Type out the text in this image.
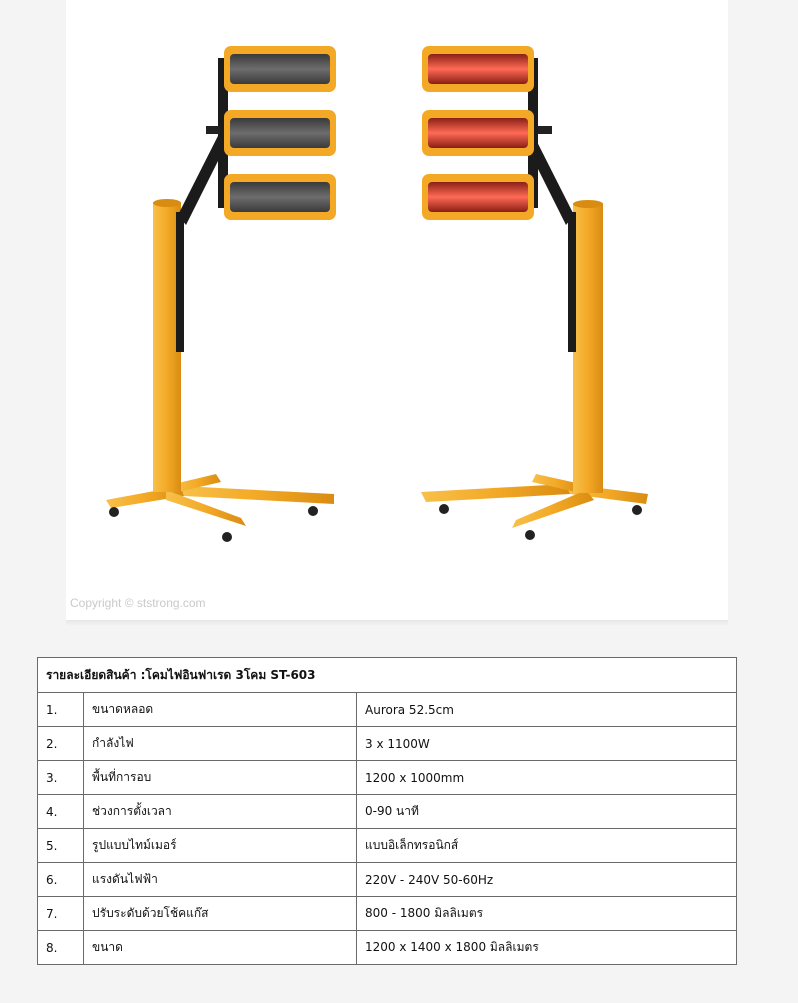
Copyright © ststrong.com
รายละเอียดสินค้า :โคมไฟอินฟาเรด 3โคม ST-603		
1.	ขนาดหลอด	Aurora 52.5cm
2.	กำลังไฟ	3 x 1100W
3.	พื้นที่การอบ	1200 x 1000mm
4.	ช่วงการตั้งเวลา	0-90 นาที
5.	รูปแบบไทม์เมอร์	แบบอิเล็กทรอนิกส์
6.	แรงดันไฟฟ้า	220V - 240V 50-60Hz
7.	ปรับระดับด้วยโช้คแก๊ส	800 - 1800 มิลลิเมตร
8.	ขนาด	1200 x 1400 x 1800 มิลลิเมตร
